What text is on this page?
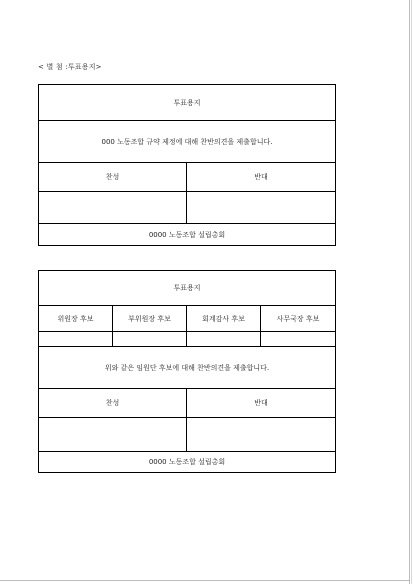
< 별 첨 :투표용지>
투표용지
000 노동조합 규약 제정에 대해 찬반의견을 제출합니다.
찬성	반대
0000 노동조합 설립총회
투표용지
위원장 후보	부위원장 후보	회계감사 후보	사무국장 후보
위와 같은 임원단 후보에 대해 찬반의견을 제출합니다.
찬성	반대
0000 노동조합 설립총회
